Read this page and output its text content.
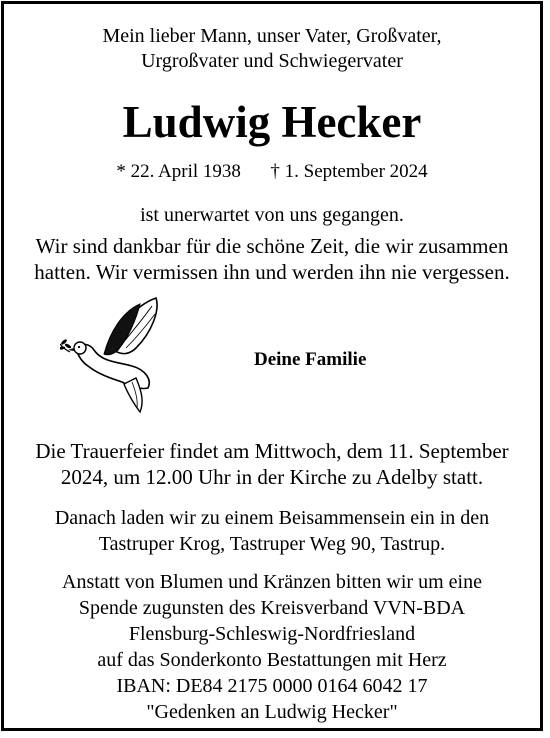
Mein lieber Mann, unser Vater, Großvater,
Urgroßvater und Schwiegervater
Ludwig Hecker
* 22. April 1938 † 1. September 2024
ist unerwartet von uns gegangen.
Wir sind dankbar für die schöne Zeit, die wir zusammen
hatten. Wir vermissen ihn und werden ihn nie vergessen.
Deine Familie
Die Trauerfeier findet am Mittwoch, dem 11. September
2024, um 12.00 Uhr in der Kirche zu Adelby statt.
Danach laden wir zu einem Beisammensein ein in den
Tastruper Krog, Tastruper Weg 90, Tastrup.
Anstatt von Blumen und Kränzen bitten wir um eine
Spende zugunsten des Kreisverband VVN-BDA
Flensburg-Schleswig-Nordfriesland
auf das Sonderkonto Bestattungen mit Herz
IBAN: DE84 2175 0000 0164 6042 17
"Gedenken an Ludwig Hecker"
